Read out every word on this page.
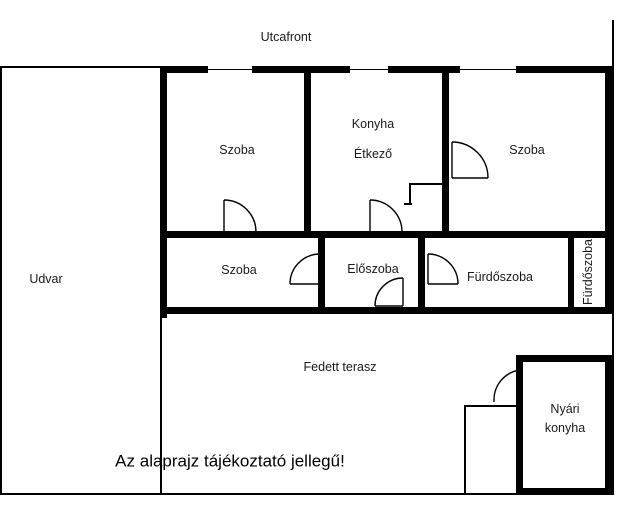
Utcafront
Udvar
Szoba
Konyha
Étkező	Szoba
Szoba	Előszoba
Fürdőszoba	Fürdőszoba
Fedett terasz
Nyári
konyha
Az alaprajz tájékoztató jellegű!
